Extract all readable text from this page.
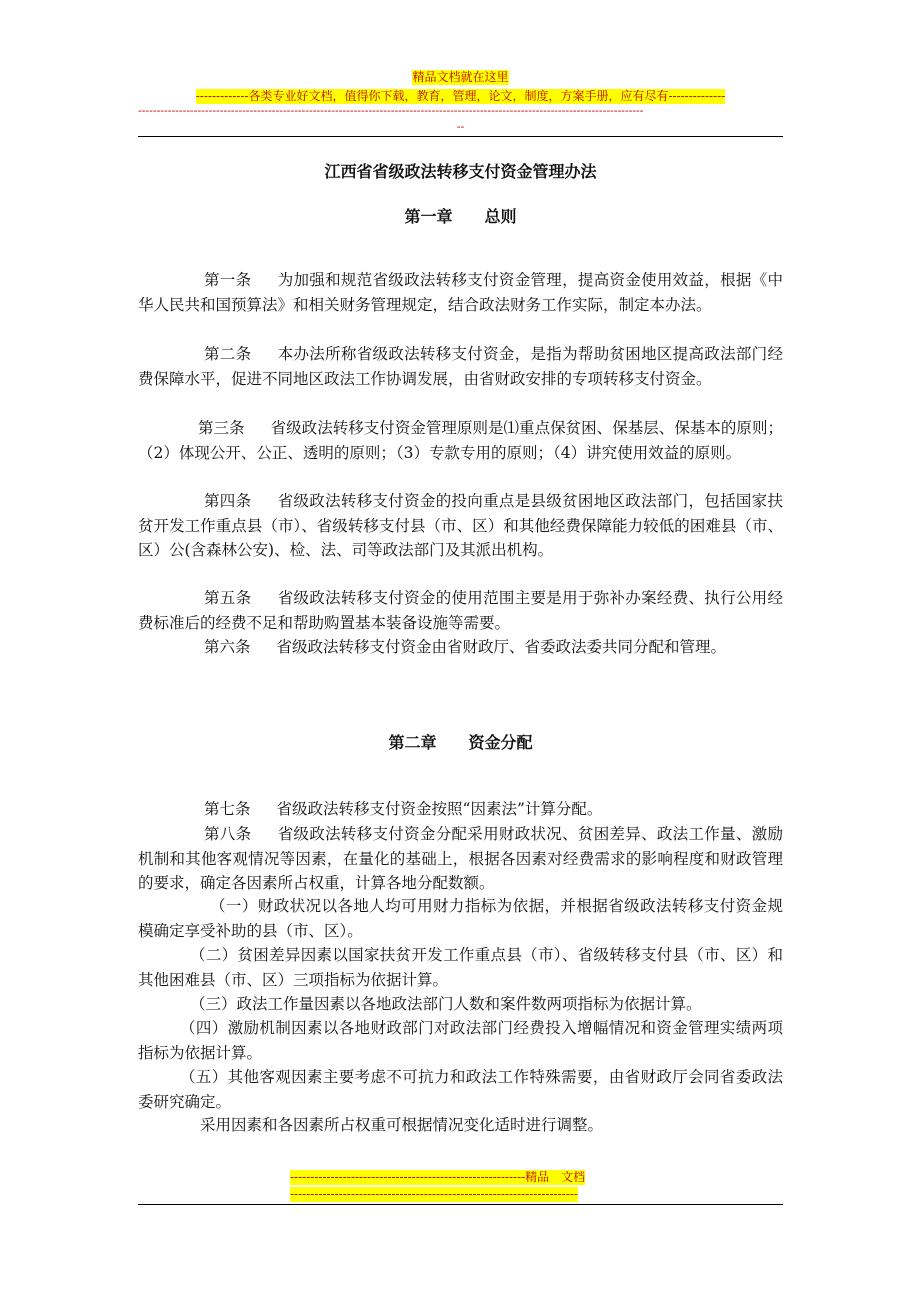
精品文档就在这里
-------------各类专业好文档，值得你下载，教育，管理，论文，制度，方案手册，应有尽有--------------
----------------------------------------------------------------------------------------------------------------------------------------
--
江西省省级政法转移支付资金管理办法
第一章 总则
第一条 为加强和规范省级政法转移支付资金管理，提高资金使用效益，根据《中华人民共和国预算法》和相关财务管理规定，结合政法财务工作实际，制定本办法。
第二条 本办法所称省级政法转移支付资金，是指为帮助贫困地区提高政法部门经费保障水平，促进不同地区政法工作协调发展，由省财政安排的专项转移支付资金。
第三条 省级政法转移支付资金管理原则是⑴重点保贫困、保基层、保基本的原则；（2）体现公开、公正、透明的原则；（3）专款专用的原则；（4）讲究使用效益的原则。
第四条 省级政法转移支付资金的投向重点是县级贫困地区政法部门，包括国家扶贫开发工作重点县（市）、省级转移支付县（市、区）和其他经费保障能力较低的困难县（市、区）公(含森林公安)、检、法、司等政法部门及其派出机构。
第五条 省级政法转移支付资金的使用范围主要是用于弥补办案经费、执行公用经费标准后的经费不足和帮助购置基本装备设施等需要。
第六条 省级政法转移支付资金由省财政厅、省委政法委共同分配和管理。
第二章 资金分配
第七条 省级政法转移支付资金按照“因素法”计算分配。
第八条 省级政法转移支付资金分配采用财政状况、贫困差异、政法工作量、激励机制和其他客观情况等因素，在量化的基础上，根据各因素对经费需求的影响程度和财政管理的要求，确定各因素所占权重，计算各地分配数额。
（一）财政状况以各地人均可用财力指标为依据，并根据省级政法转移支付资金规模确定享受补助的县（市、区）。
（二）贫困差异因素以国家扶贫开发工作重点县（市）、省级转移支付县（市、区）和其他困难县（市、区）三项指标为依据计算。
（三）政法工作量因素以各地政法部门人数和案件数两项指标为依据计算。
（四）激励机制因素以各地财政部门对政法部门经费投入增幅情况和资金管理实绩两项指标为依据计算。
（五）其他客观因素主要考虑不可抗力和政法工作特殊需要，由省财政厅会同省委政法委研究确定。
采用因素和各因素所占权重可根据情况变化适时进行调整。
----------------------------------------------------------精品　文档
-----------------------------------------------------------------------
